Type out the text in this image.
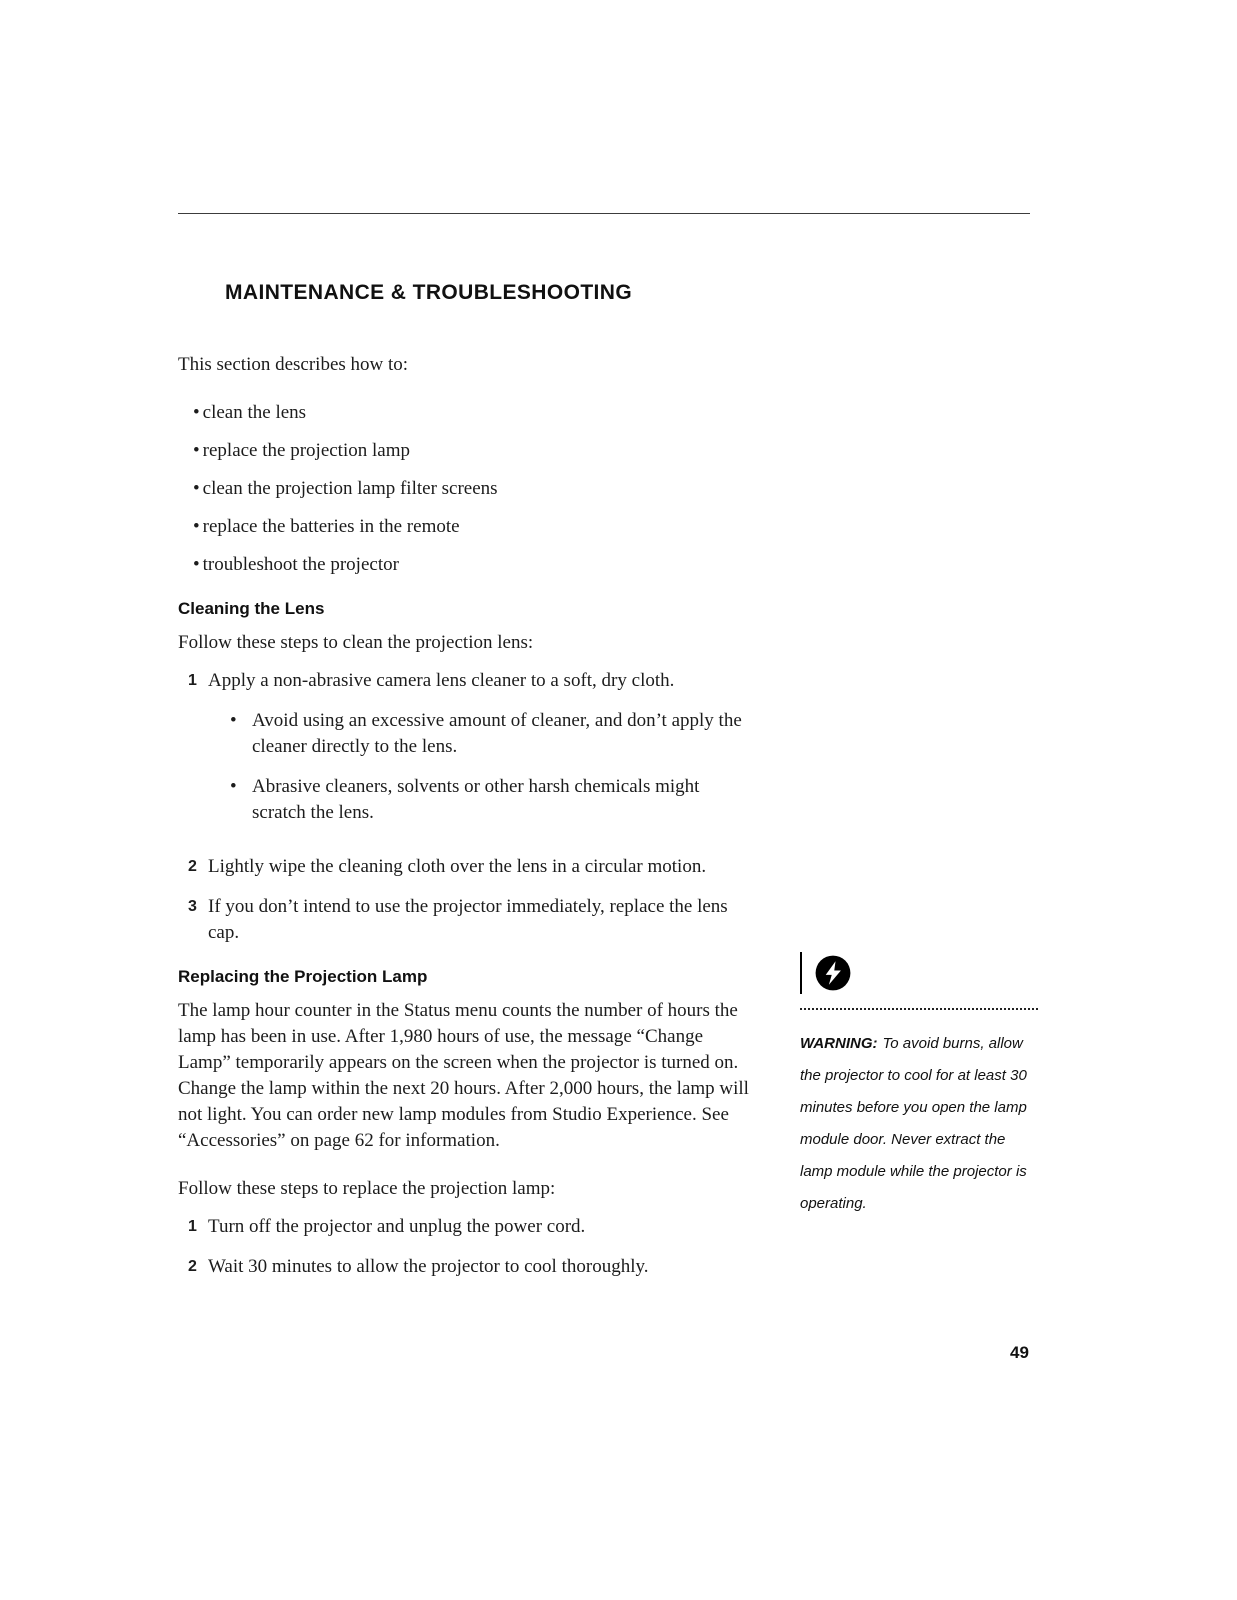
MAINTENANCE & TROUBLESHOOTING

This section describes how to:

• clean the lens
• replace the projection lamp
• clean the projection lamp filter screens
• replace the batteries in the remote
• troubleshoot the projector
Cleaning the Lens

Follow these steps to clean the projection lens:

1 Apply a non-abrasive camera lens cleaner to a soft, dry cloth.
• Avoid using an excessive amount of cleaner, and don’t apply the cleaner directly to the lens.
• Abrasive cleaners, solvents or other harsh chemicals might scratch the lens.
2 Lightly wipe the cleaning cloth over the lens in a circular motion.
3 If you don’t intend to use the projector immediately, replace the lens cap.
Replacing the Projection Lamp

The lamp hour counter in the Status menu counts the number of hours the lamp has been in use. After 1,980 hours of use, the message “Change Lamp” temporarily appears on the screen when the projector is turned on. Change the lamp within the next 20 hours. After 2,000 hours, the lamp will not light. You can order new lamp modules from Studio Experience. See “Accessories” on page 62 for information.

Follow these steps to replace the projection lamp:

1 Turn off the projector and unplug the power cord.
2 Wait 30 minutes to allow the projector to cool thoroughly.

WARNING: To avoid burns, allow the projector to cool for at least 30 minutes before you open the lamp module door. Never extract the lamp module while the projector is operating.

49
